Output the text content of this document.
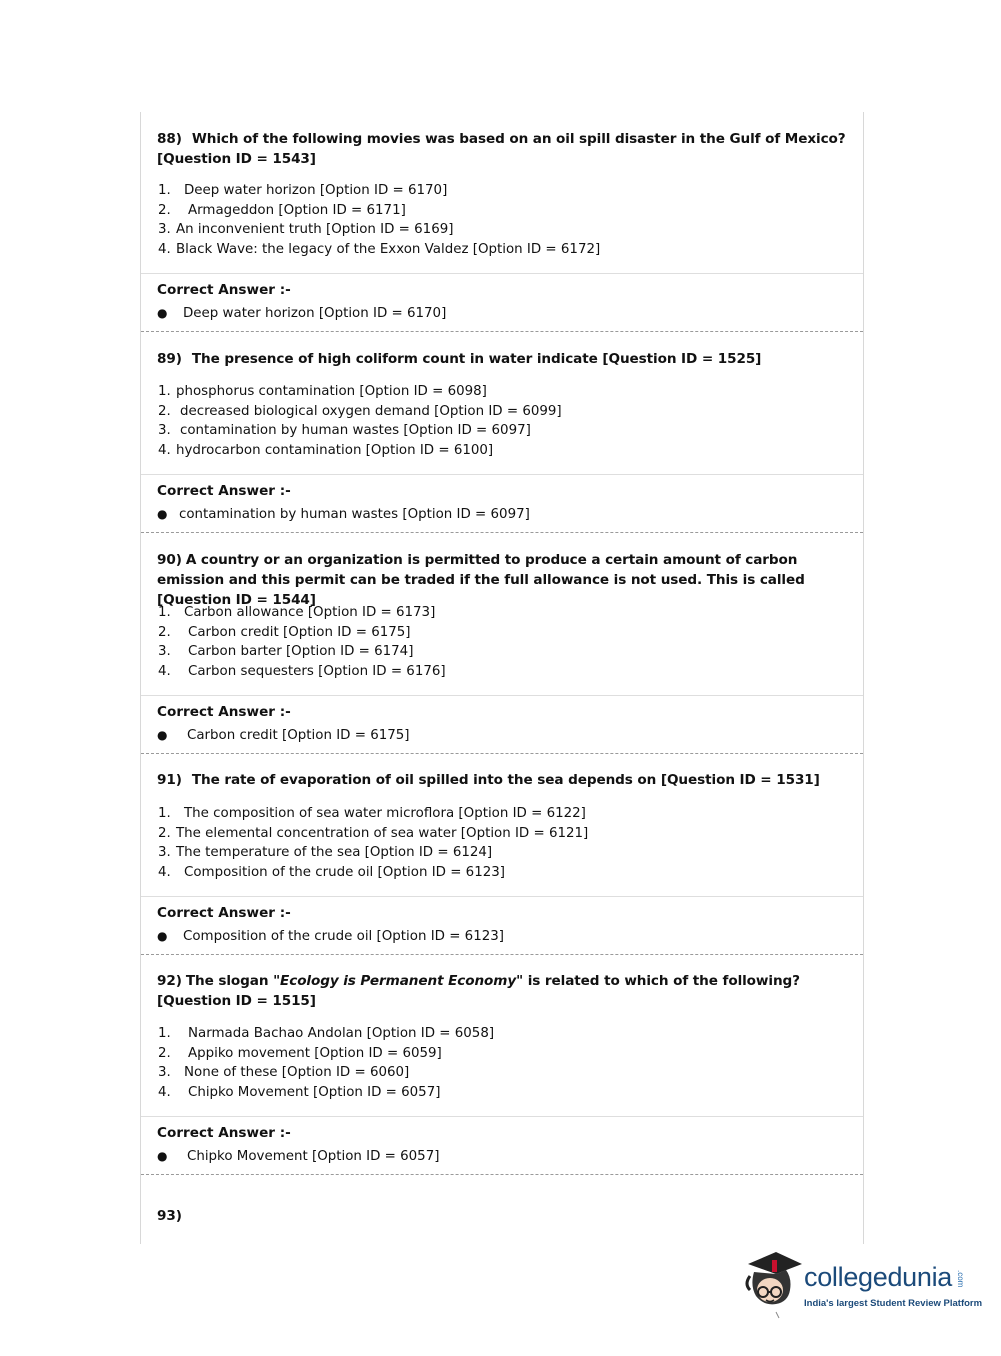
88) Which of the following movies was based on an oil spill disaster in the Gulf of Mexico? [Question ID = 1543]

1. Deep water horizon [Option ID = 6170]
2. Armageddon [Option ID = 6171]
3. An inconvenient truth [Option ID = 6169]
4. Black Wave: the legacy of the Exxon Valdez [Option ID = 6172]
Correct Answer :-
● Deep water horizon [Option ID = 6170]

89) The presence of high coliform count in water indicate [Question ID = 1525]

1. phosphorus contamination [Option ID = 6098]
2. decreased biological oxygen demand [Option ID = 6099]
3. contamination by human wastes [Option ID = 6097]
4. hydrocarbon contamination [Option ID = 6100]
Correct Answer :-
● contamination by human wastes [Option ID = 6097]

90) A country or an organization is permitted to produce a certain amount of carbon emission and this permit can be traded if the full allowance is not used. This is called [Question ID = 1544]

1. Carbon allowance [Option ID = 6173]
2. Carbon credit [Option ID = 6175]
3. Carbon barter [Option ID = 6174]
4. Carbon sequesters [Option ID = 6176]
Correct Answer :-
● Carbon credit [Option ID = 6175]

91) The rate of evaporation of oil spilled into the sea depends on [Question ID = 1531]

1. The composition of sea water microflora [Option ID = 6122]
2. The elemental concentration of sea water [Option ID = 6121]
3. The temperature of the sea [Option ID = 6124]
4. Composition of the crude oil [Option ID = 6123]
Correct Answer :-
● Composition of the crude oil [Option ID = 6123]

92) The slogan "Ecology is Permanent Economy" is related to which of the following? [Question ID = 1515]

1. Narmada Bachao Andolan [Option ID = 6058]
2. Appiko movement [Option ID = 6059]
3. None of these [Option ID = 6060]
4. Chipko Movement [Option ID = 6057]
Correct Answer :-
● Chipko Movement [Option ID = 6057]
93)
collegedunia .com
India's largest Student Review Platform
